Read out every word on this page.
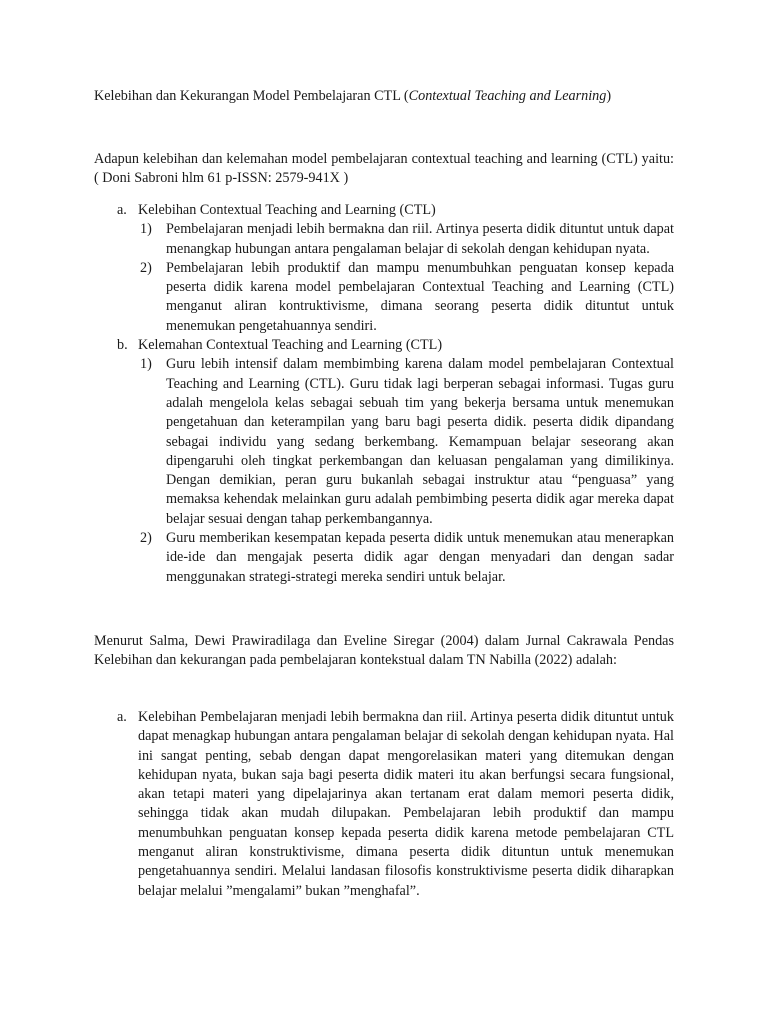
Kelebihan dan Kekurangan Model Pembelajaran CTL (Contextual Teaching and Learning)
Adapun kelebihan dan kelemahan model pembelajaran contextual teaching and learning (CTL) yaitu: ( Doni Sabroni hlm 61 p-ISSN: 2579-941X )
a. Kelebihan Contextual Teaching and Learning (CTL)
1) Pembelajaran menjadi lebih bermakna dan riil. Artinya peserta didik dituntut untuk dapat menangkap hubungan antara pengalaman belajar di sekolah dengan kehidupan nyata.
2) Pembelajaran lebih produktif dan mampu menumbuhkan penguatan konsep kepada peserta didik karena model pembelajaran Contextual Teaching and Learning (CTL) menganut aliran kontruktivisme, dimana seorang peserta didik dituntut untuk menemukan pengetahuannya sendiri.
b. Kelemahan Contextual Teaching and Learning (CTL)
1) Guru lebih intensif dalam membimbing karena dalam model pembelajaran Contextual Teaching and Learning (CTL). Guru tidak lagi berperan sebagai informasi. Tugas guru adalah mengelola kelas sebagai sebuah tim yang bekerja bersama untuk menemukan pengetahuan dan keterampilan yang baru bagi peserta didik. peserta didik dipandang sebagai individu yang sedang berkembang. Kemampuan belajar seseorang akan dipengaruhi oleh tingkat perkembangan dan keluasan pengalaman yang dimilikinya. Dengan demikian, peran guru bukanlah sebagai instruktur atau “penguasa” yang memaksa kehendak melainkan guru adalah pembimbing peserta didik agar mereka dapat belajar sesuai dengan tahap perkembangannya.
2) Guru memberikan kesempatan kepada peserta didik untuk menemukan atau menerapkan ide-ide dan mengajak peserta didik agar dengan menyadari dan dengan sadar menggunakan strategi-strategi mereka sendiri untuk belajar.
Menurut Salma, Dewi Prawiradilaga dan Eveline Siregar (2004) dalam Jurnal Cakrawala Pendas Kelebihan dan kekurangan pada pembelajaran kontekstual dalam TN Nabilla (2022) adalah:
a. Kelebihan Pembelajaran menjadi lebih bermakna dan riil. Artinya peserta didik dituntut untuk dapat menagkap hubungan antara pengalaman belajar di sekolah dengan kehidupan nyata. Hal ini sangat penting, sebab dengan dapat mengorelasikan materi yang ditemukan dengan kehidupan nyata, bukan saja bagi peserta didik materi itu akan berfungsi secara fungsional, akan tetapi materi yang dipelajarinya akan tertanam erat dalam memori peserta didik, sehingga tidak akan mudah dilupakan. Pembelajaran lebih produktif dan mampu menumbuhkan penguatan konsep kepada peserta didik karena metode pembelajaran CTL menganut aliran konstruktivisme, dimana peserta didik dituntun untuk menemukan pengetahuannya sendiri. Melalui landasan filosofis konstruktivisme peserta didik diharapkan belajar melalui ”mengalami” bukan ”menghafal”.
